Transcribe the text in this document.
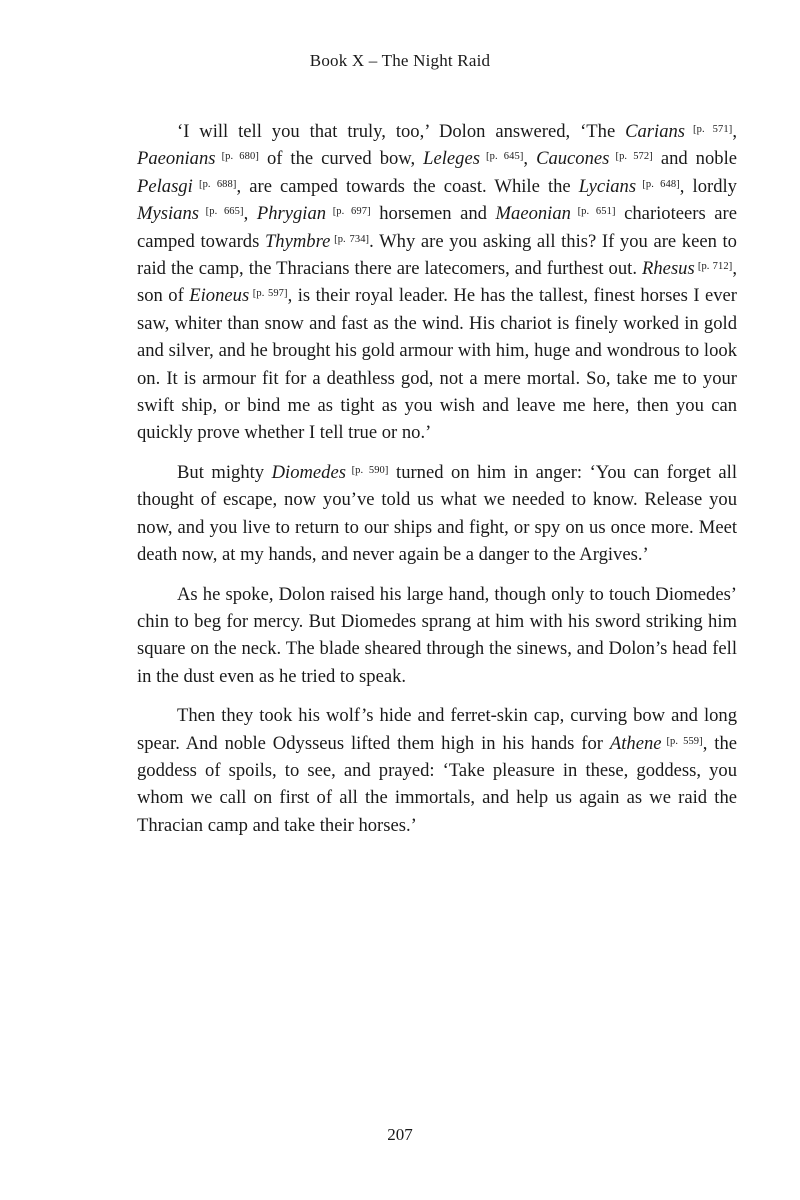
Book X – The Night Raid

‘I will tell you that truly, too,’ Dolon answered, ‘The Carians [p. 571], Paeonians [p. 680] of the curved bow, Leleges [p. 645], Caucones [p. 572] and noble Pelasgi [p. 688], are camped towards the coast. While the Lycians [p. 648], lordly Mysians [p. 665], Phrygian [p. 697] horsemen and Maeonian [p. 651] charioteers are camped towards Thymbre [p. 734]. Why are you asking all this? If you are keen to raid the camp, the Thracians there are latecomers, and furthest out. Rhesus [p. 712], son of Eioneus [p. 597], is their royal leader. He has the tallest, finest horses I ever saw, whiter than snow and fast as the wind. His chariot is finely worked in gold and silver, and he brought his gold armour with him, huge and wondrous to look on. It is armour fit for a deathless god, not a mere mortal. So, take me to your swift ship, or bind me as tight as you wish and leave me here, then you can quickly prove whether I tell true or no.’

But mighty Diomedes [p. 590] turned on him in anger: ‘You can forget all thought of escape, now you’ve told us what we needed to know. Release you now, and you live to return to our ships and fight, or spy on us once more. Meet death now, at my hands, and never again be a danger to the Argives.’

As he spoke, Dolon raised his large hand, though only to touch Diomedes’ chin to beg for mercy. But Diomedes sprang at him with his sword striking him square on the neck. The blade sheared through the sinews, and Dolon’s head fell in the dust even as he tried to speak.

Then they took his wolf’s hide and ferret-skin cap, curving bow and long spear. And noble Odysseus lifted them high in his hands for Athene [p. 559], the goddess of spoils, to see, and prayed: ‘Take pleasure in these, goddess, you whom we call on first of all the immortals, and help us again as we raid the Thracian camp and take their horses.’

207
